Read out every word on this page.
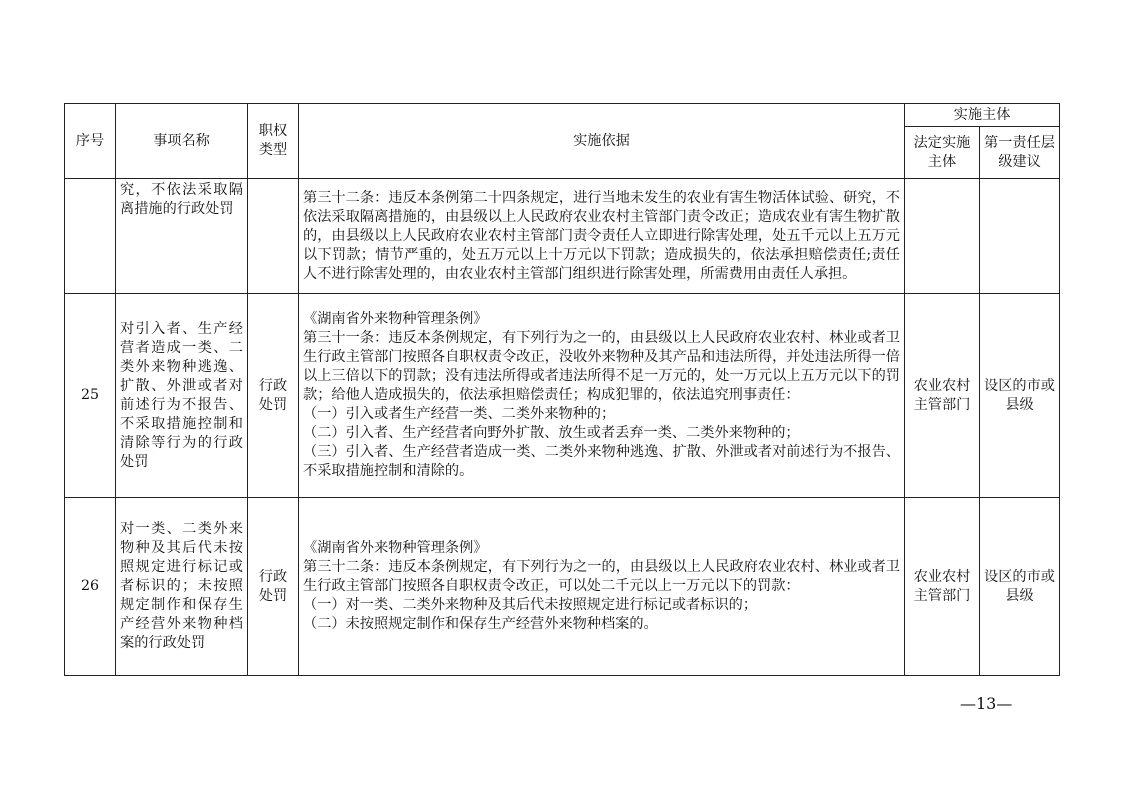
序号	事项名称	职权类型	实施依据	实施主体	
				法定实施主体	第一责任层级建议
	究，不依法采取隔离措施的行政处罚		第三十二条：违反本条例第二十四条规定，进行当地未发生的农业有害生物活体试验、研究，不依法采取隔离措施的，由县级以上人民政府农业农村主管部门责令改正；造成农业有害生物扩散的，由县级以上人民政府农业农村主管部门责令责任人立即进行除害处理，处五千元以上五万元以下罚款；情节严重的，处五万元以上十万元以下罚款；造成损失的，依法承担赔偿责任;责任人不进行除害处理的，由农业农村主管部门组织进行除害处理，所需费用由责任人承担。		

25	对引入者、生产经营者造成一类、二类外来物种逃逸、扩散、外泄或者对前述行为不报告、不采取措施控制和清除等行为的行政处罚	行政处罚	《湖南省外来物种管理条例》
第三十一条：违反本条例规定，有下列行为之一的，由县级以上人民政府农业农村、林业或者卫生行政主管部门按照各自职权责令改正，没收外来物种及其产品和违法所得，并处违法所得一倍以上三倍以下的罚款；没有违法所得或者违法所得不足一万元的，处一万元以上五万元以下的罚款；给他人造成损失的，依法承担赔偿责任；构成犯罪的，依法追究刑事责任：
（一）引入或者生产经营一类、二类外来物种的；
（二）引入者、生产经营者向野外扩散、放生或者丢弃一类、二类外来物种的；
（三）引入者、生产经营者造成一类、二类外来物种逃逸、扩散、外泄或者对前述行为不报告、不采取措施控制和清除的。	农业农村主管部门	设区的市或县级
26	对一类、二类外来物种及其后代未按照规定进行标记或者标识的；未按照规定制作和保存生产经营外来物种档案的行政处罚	行政处罚	《湖南省外来物种管理条例》
第三十二条：违反本条例规定，有下列行为之一的，由县级以上人民政府农业农村、林业或者卫生行政主管部门按照各自职权责令改正，可以处二千元以上一万元以下的罚款：
（一）对一类、二类外来物种及其后代未按照规定进行标记或者标识的；
（二）未按照规定制作和保存生产经营外来物种档案的。	农业农村主管部门	设区的市或县级
—13—
